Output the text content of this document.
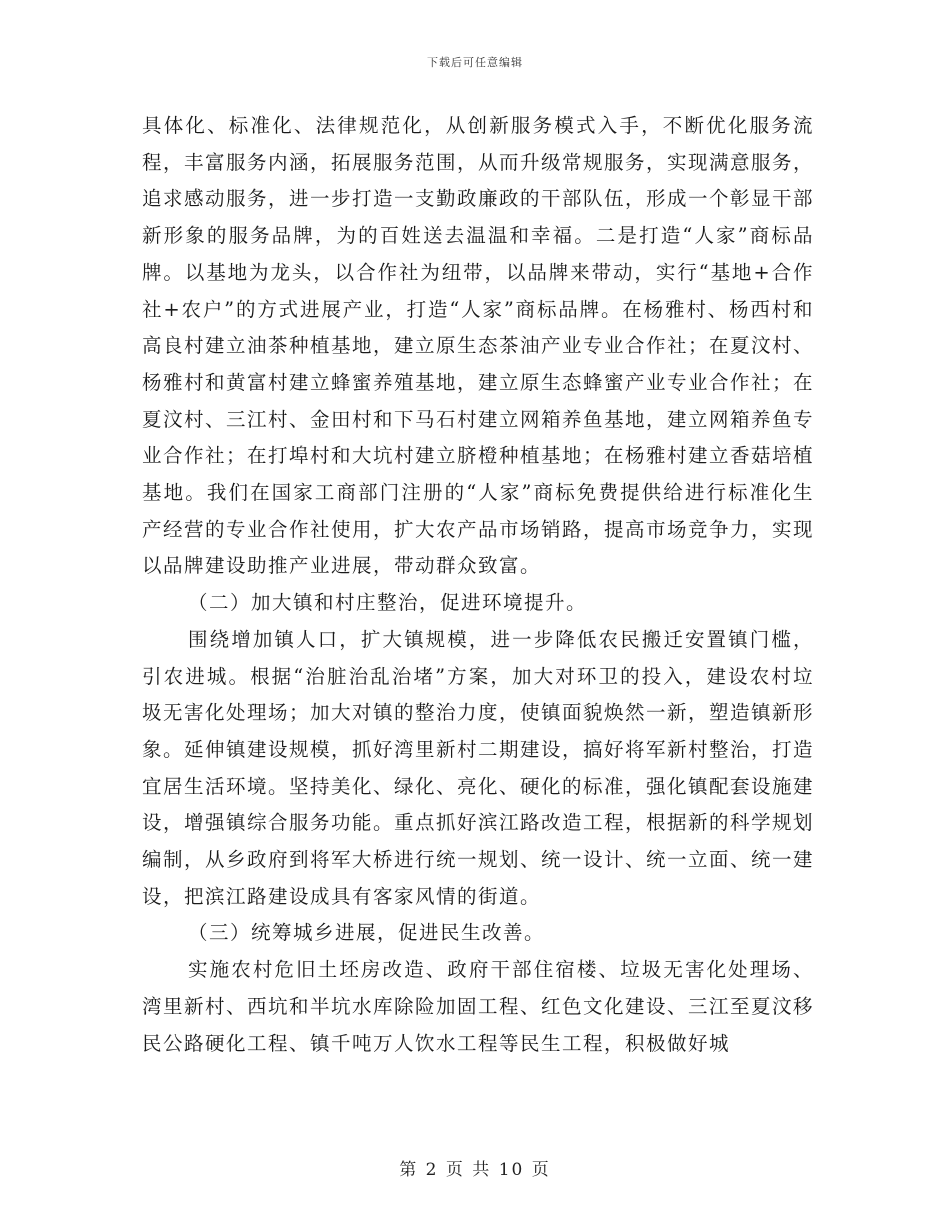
下载后可任意编辑

具体化、标准化、法律规范化，从创新服务模式入手，不断优化服务流程，丰富服务内涵，拓展服务范围，从而升级常规服务，实现满意服务，追求感动服务，进一步打造一支勤政廉政的干部队伍，形成一个彰显干部新形象的服务品牌，为的百姓送去温温和幸福。二是打造“人家”商标品牌。以基地为龙头，以合作社为纽带，以品牌来带动，实行“基地+合作社+农户”的方式进展产业，打造“人家”商标品牌。在杨雅村、杨西村和高良村建立油茶种植基地，建立原生态茶油产业专业合作社；在夏汶村、杨雅村和黄富村建立蜂蜜养殖基地，建立原生态蜂蜜产业专业合作社；在夏汶村、三江村、金田村和下马石村建立网箱养鱼基地，建立网箱养鱼专业合作社；在打埠村和大坑村建立脐橙种植基地；在杨雅村建立香菇培植基地。我们在国家工商部门注册的“人家”商标免费提供给进行标准化生产经营的专业合作社使用，扩大农产品市场销路，提高市场竞争力，实现以品牌建设助推产业进展，带动群众致富。

（二）加大镇和村庄整治，促进环境提升。

围绕增加镇人口，扩大镇规模，进一步降低农民搬迁安置镇门槛，引农进城。根据“治脏治乱治堵”方案，加大对环卫的投入，建设农村垃圾无害化处理场；加大对镇的整治力度，使镇面貌焕然一新，塑造镇新形象。延伸镇建设规模，抓好湾里新村二期建设，搞好将军新村整治，打造宜居生活环境。坚持美化、绿化、亮化、硬化的标准，强化镇配套设施建设，增强镇综合服务功能。重点抓好滨江路改造工程，根据新的科学规划编制，从乡政府到将军大桥进行统一规划、统一设计、统一立面、统一建设，把滨江路建设成具有客家风情的街道。

（三）统筹城乡进展，促进民生改善。

实施农村危旧土坯房改造、政府干部住宿楼、垃圾无害化处理场、湾里新村、西坑和半坑水库除险加固工程、红色文化建设、三江至夏汶移民公路硬化工程、镇千吨万人饮水工程等民生工程，积极做好城

第 2 页 共 10 页
